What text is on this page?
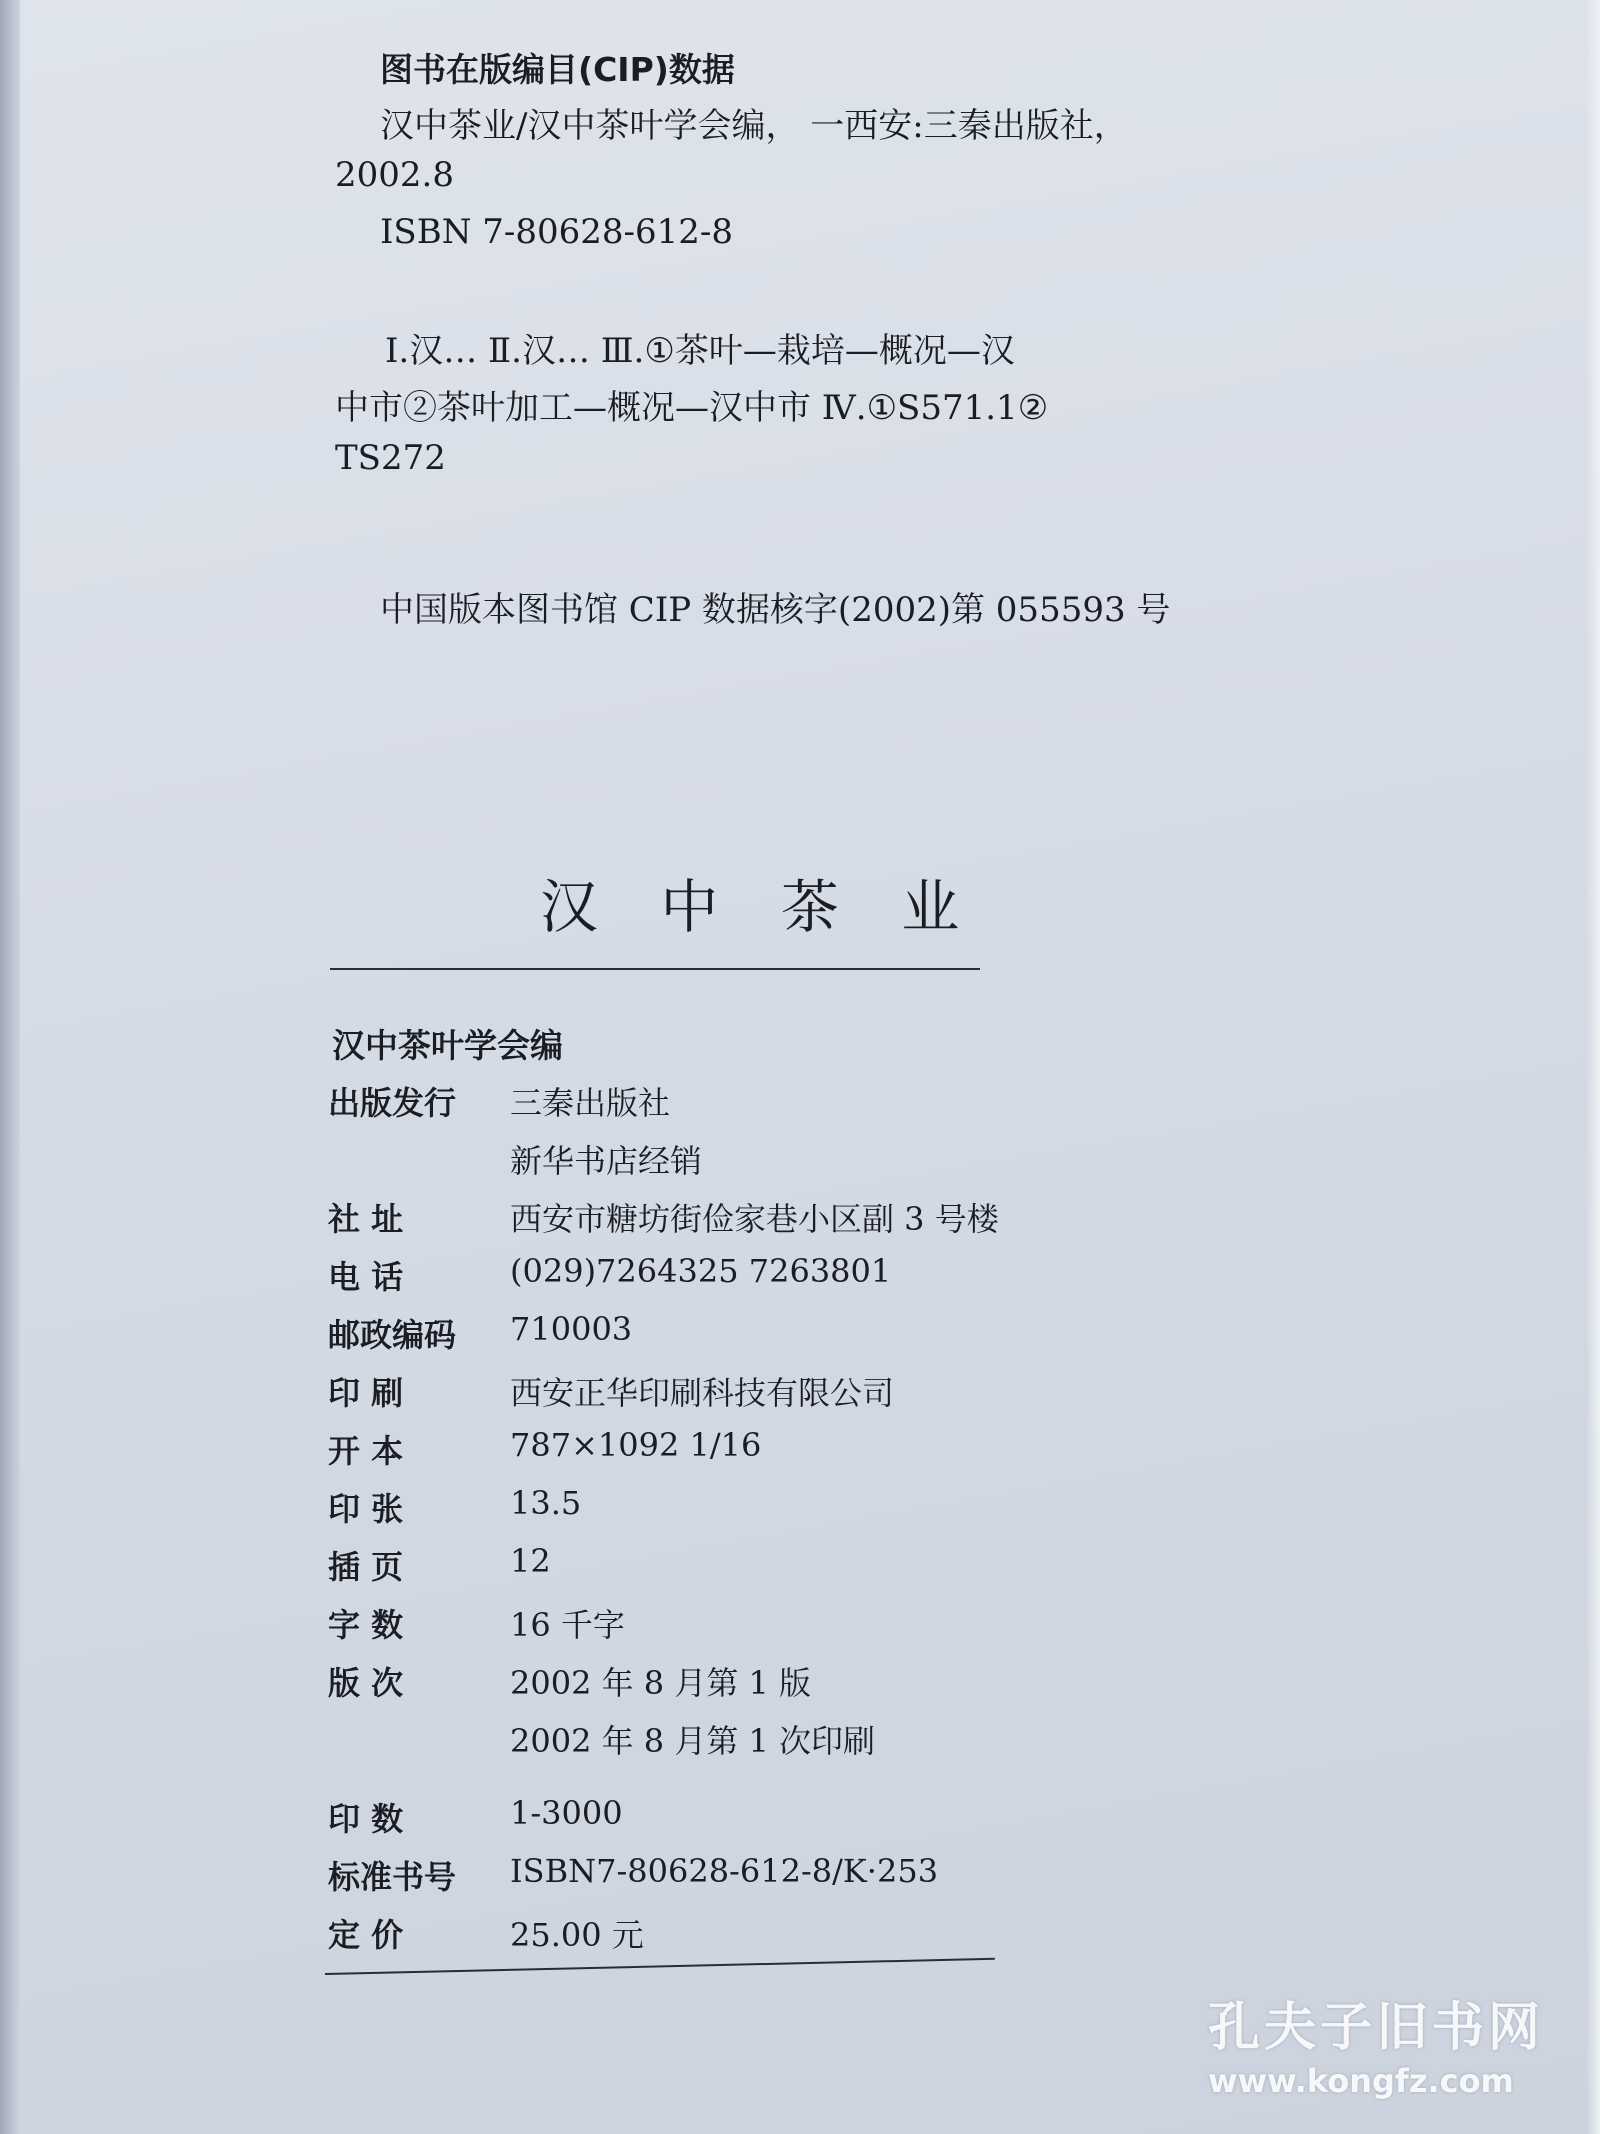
图书在版编目(CIP)数据
汉中茶业/汉中茶叶学会编， 一西安:三秦出版社，
2002.8
ISBN 7-80628-612-8
Ⅰ.汉… Ⅱ.汉… Ⅲ.①茶叶—栽培—概况—汉
中市②茶叶加工—概况—汉中市 Ⅳ.①S571.1②
TS272
中国版本图书馆 CIP 数据核字(2002)第 055593 号
汉 中 茶 业
汉中茶叶学会编
出版发行	三秦出版社
新华书店经销
社 址	西安市糖坊街俭家巷小区副 3 号楼
电 话	(029)7264325 7263801
邮政编码	710003
印 刷	西安正华印刷科技有限公司
开 本	787×1092 1/16
印 张	13.5
插 页	12
字 数	16 千字
版 次	2002 年 8 月第 1 版
2002 年 8 月第 1 次印刷
印 数	1-3000
标准书号	ISBN7-80628-612-8/K·253
定 价	25.00 元
孔夫子旧书网
www.kongfz.com
